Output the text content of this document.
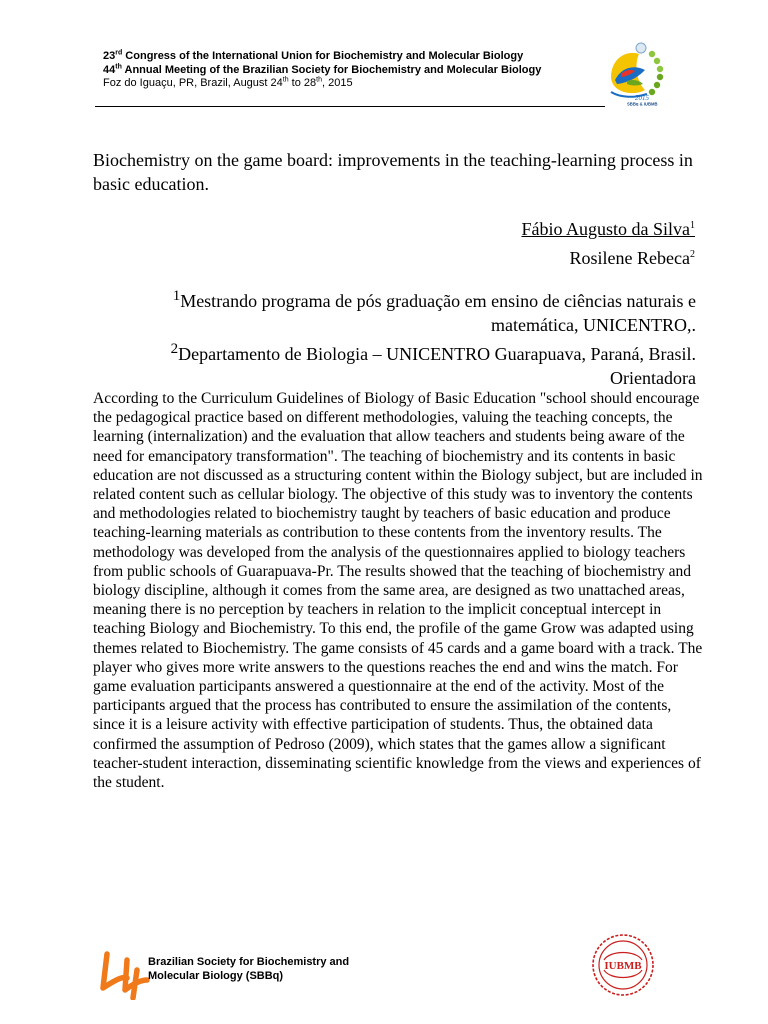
23rd Congress of the International Union for Biochemistry and Molecular Biology
44th Annual Meeting of the Brazilian Society for Biochemistry and Molecular Biology
Foz do Iguaçu, PR, Brazil, August 24th to 28th, 2015
2015
SBBq & IUBMB
Biochemistry on the game board: improvements in the teaching-learning process in basic education.
Fábio Augusto da Silva$^1$
Rosilene Rebeca$^2$
$^1$Mestrando programa de pós graduação em ensino de ciências naturais e
matemática, UNICENTRO,.
$^2$Departamento de Biologia – UNICENTRO Guarapuava, Paraná, Brasil.
Orientadora

According to the Curriculum Guidelines of Biology of Basic Education "school should encourage the pedagogical practice based on different methodologies, valuing the teaching concepts, the learning (internalization) and the evaluation that allow teachers and students being aware of the need for emancipatory transformation". The teaching of biochemistry and its contents in basic education are not discussed as a structuring content within the Biology subject, but are included in related content such as cellular biology. The objective of this study was to inventory the contents and methodologies related to biochemistry taught by teachers of basic education and produce teaching-learning materials as contribution to these contents from the inventory results. The methodology was developed from the analysis of the questionnaires applied to biology teachers from public schools of Guarapuava-Pr. The results showed that the teaching of biochemistry and biology discipline, although it comes from the same area, are designed as two unattached areas, meaning there is no perception by teachers in relation to the implicit conceptual intercept in teaching Biology and Biochemistry. To this end, the profile of the game Grow was adapted using themes related to Biochemistry. The game consists of 45 cards and a game board with a track. The player who gives more write answers to the questions reaches the end and wins the match. For game evaluation participants answered a questionnaire at the end of the activity. Most of the participants argued that the process has contributed to ensure the assimilation of the contents, since it is a leisure activity with effective participation of students. Thus, the obtained data confirmed the assumption of Pedroso (2009), which states that the games allow a significant teacher-student interaction, disseminating scientific knowledge from the views and experiences of the student.

Brazilian Society for Biochemistry and
Molecular Biology (SBBq)
IUBMB
